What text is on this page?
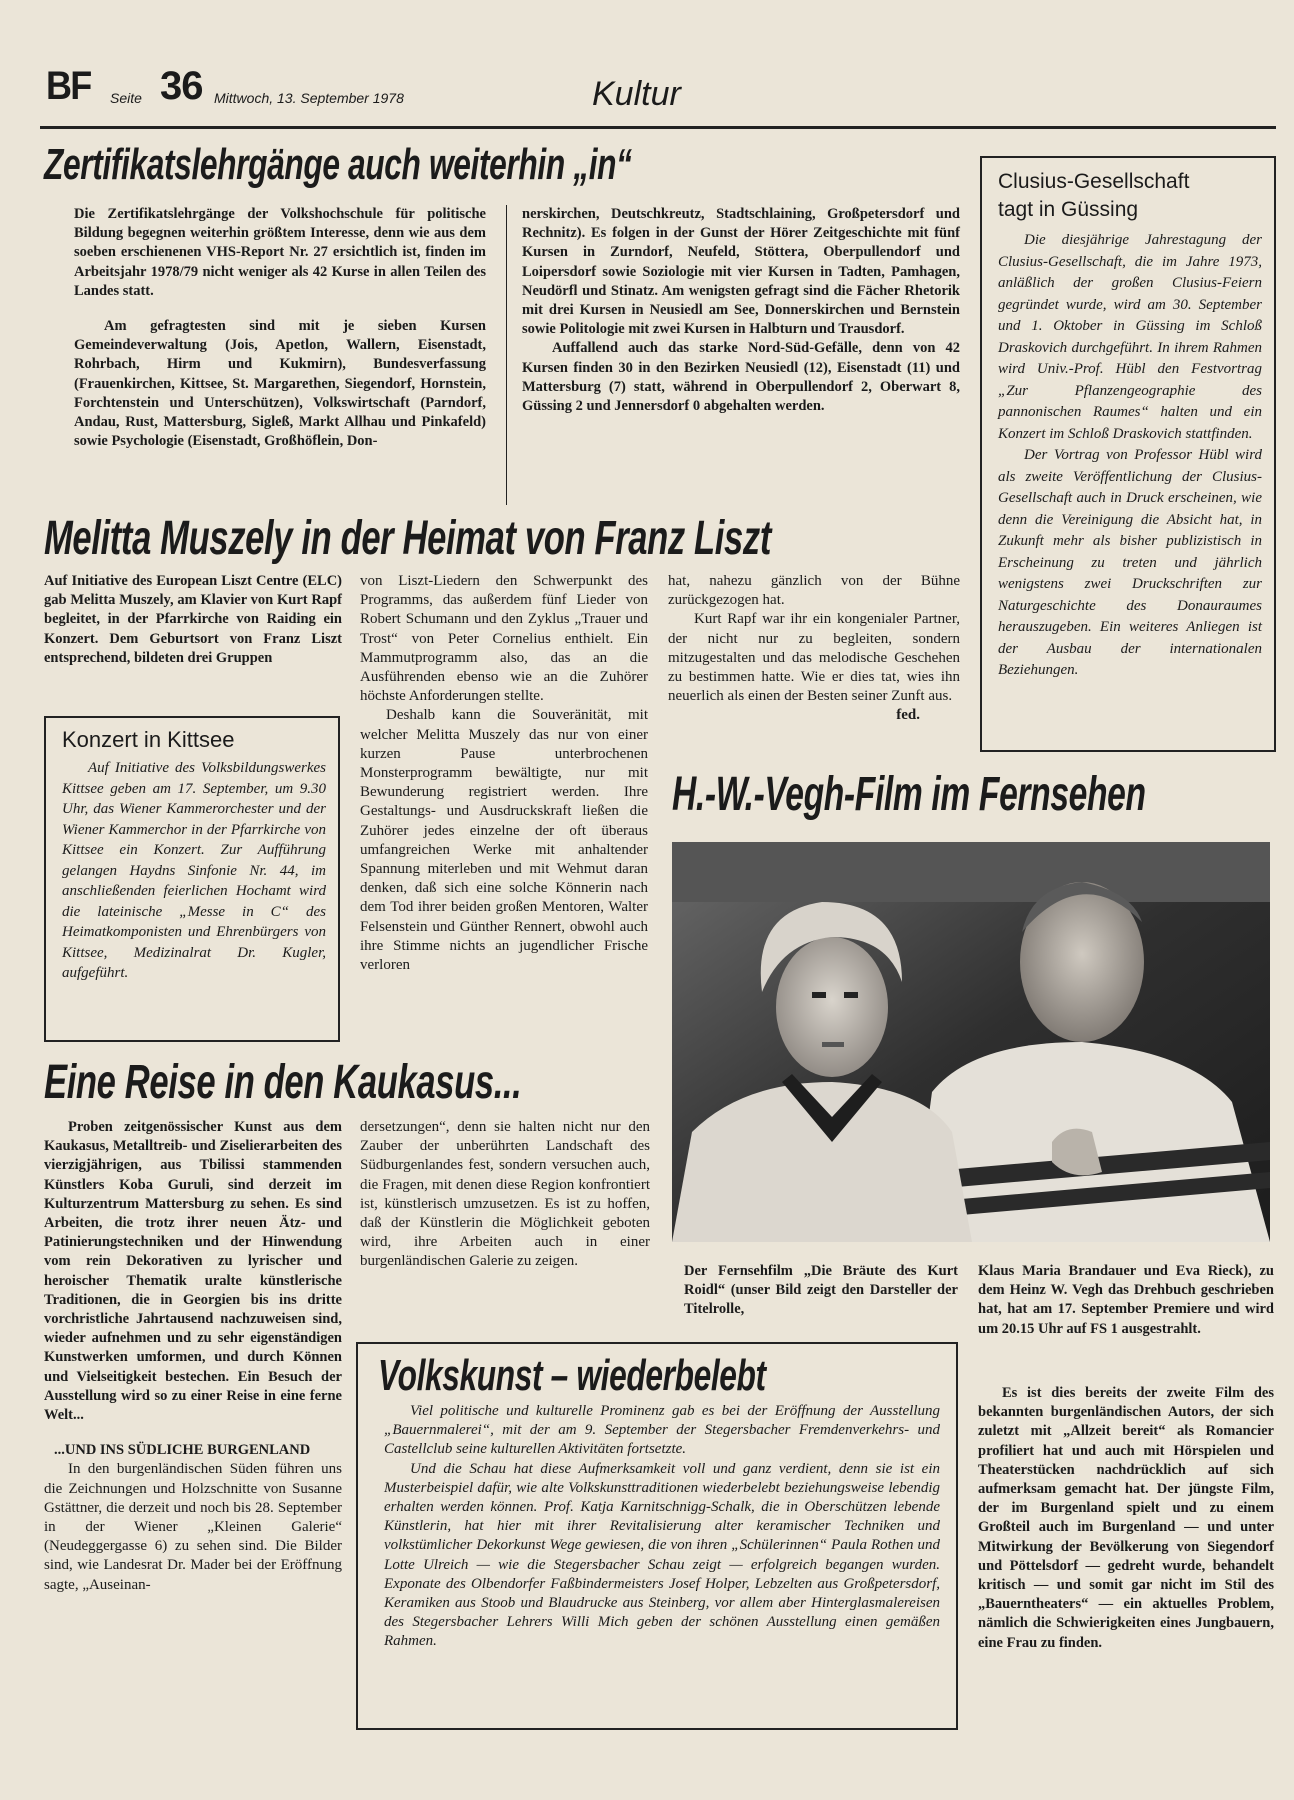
BF Seite 36 Mittwoch, 13. September 1978	Kultur
Zertifikatslehrgänge auch weiterhin „in“

Die Zertifikatslehrgänge der Volkshochschule für politische Bildung begegnen weiterhin größtem Interesse, denn wie aus dem soeben erschienenen VHS-Report Nr. 27 ersichtlich ist, finden im Arbeitsjahr 1978/79 nicht weniger als 42 Kurse in allen Teilen des Landes statt.

Am gefragtesten sind mit je sieben Kursen Gemeindeverwaltung (Jois, Apetlon, Wallern, Eisenstadt, Rohrbach, Hirm und Kukmirn), Bundesverfassung (Frauenkirchen, Kittsee, St. Margarethen, Siegendorf, Hornstein, Forchtenstein und Unterschützen), Volkswirtschaft (Parndorf, Andau, Rust, Mattersburg, Sigleß, Markt Allhau und Pinkafeld) sowie Psychologie (Eisenstadt, Großhöflein, Don-

nerskirchen, Deutschkreutz, Stadtschlaining, Großpetersdorf und Rechnitz). Es folgen in der Gunst der Hörer Zeitgeschichte mit fünf Kursen in Zurndorf, Neufeld, Stöttera, Oberpullendorf und Loipersdorf sowie Soziologie mit vier Kursen in Tadten, Pamhagen, Neudörfl und Stinatz. Am wenigsten gefragt sind die Fächer Rhetorik mit drei Kursen in Neusiedl am See, Donnerskirchen und Bernstein sowie Politologie mit zwei Kursen in Halbturn und Trausdorf.

Auffallend auch das starke Nord-Süd-Gefälle, denn von 42 Kursen finden 30 in den Bezirken Neusiedl (12), Eisenstadt (11) und Mattersburg (7) statt, während in Oberpullendorf 2, Oberwart 8, Güssing 2 und Jennersdorf 0 abgehalten werden.

Clusius-Gesellschaft
tagt in Güssing

Die diesjährige Jahrestagung der Clusius-Gesellschaft, die im Jahre 1973, anläßlich der großen Clusius-Feiern gegründet wurde, wird am 30. September und 1. Oktober in Güssing im Schloß Draskovich durchgeführt. In ihrem Rahmen wird Univ.-Prof. Hübl den Festvortrag „Zur Pflanzengeographie des pannonischen Raumes“ halten und ein Konzert im Schloß Draskovich stattfinden.

Der Vortrag von Professor Hübl wird als zweite Veröffentlichung der Clusius-Gesellschaft auch in Druck erscheinen, wie denn die Vereinigung die Absicht hat, in Zukunft mehr als bisher publizistisch in Erscheinung zu treten und jährlich wenigstens zwei Druckschriften zur Naturgeschichte des Donauraumes herauszugeben. Ein weiteres Anliegen ist der Ausbau der internationalen Beziehungen.

Melitta Muszely in der Heimat von Franz Liszt

Auf Initiative des European Liszt Centre (ELC) gab Melitta Muszely, am Klavier von Kurt Rapf begleitet, in der Pfarrkirche von Raiding ein Konzert. Dem Geburtsort von Franz Liszt entsprechend, bildeten drei Gruppen

von Liszt-Liedern den Schwerpunkt des Programms, das außerdem fünf Lieder von Robert Schumann und den Zyklus „Trauer und Trost“ von Peter Cornelius enthielt. Ein Mammutprogramm also, das an die Ausführenden ebenso wie an die Zuhörer höchste Anforderungen stellte.

Deshalb kann die Souveränität, mit welcher Melitta Muszely das nur von einer kurzen Pause unterbrochenen Monsterprogramm bewältigte, nur mit Bewunderung registriert werden. Ihre Gestaltungs- und Ausdruckskraft ließen die Zuhörer jedes einzelne der oft überaus umfangreichen Werke mit anhaltender Spannung miterleben und mit Wehmut daran denken, daß sich eine solche Könnerin nach dem Tod ihrer beiden großen Mentoren, Walter Felsenstein und Günther Rennert, obwohl auch ihre Stimme nichts an jugendlicher Frische verloren

hat, nahezu gänzlich von der Bühne zurückgezogen hat.

Kurt Rapf war ihr ein kongenialer Partner, der nicht nur zu begleiten, sondern mitzugestalten und das melodische Geschehen zu bestimmen hatte. Wie er dies tat, wies ihn neuerlich als einen der Besten seiner Zunft aus.

fed.

Konzert in Kittsee

Auf Initiative des Volksbildungswerkes Kittsee geben am 17. September, um 9.30 Uhr, das Wiener Kammerorchester und der Wiener Kammerchor in der Pfarrkirche von Kittsee ein Konzert. Zur Aufführung gelangen Haydns Sinfonie Nr. 44, im anschließenden feierlichen Hochamt wird die lateinische „Messe in C“ des Heimatkomponisten und Ehrenbürgers von Kittsee, Medizinalrat Dr. Kugler, aufgeführt.

H.-W.-Vegh-Film im Fernsehen

Der Fernsehfilm „Die Bräute des Kurt Roidl“ (unser Bild zeigt den Darsteller der Titelrolle,

Klaus Maria Brandauer und Eva Rieck), zu dem Heinz W. Vegh das Drehbuch geschrieben hat, hat am 17. September Premiere und wird um 20.15 Uhr auf FS 1 ausgestrahlt.

Es ist dies bereits der zweite Film des bekannten burgenländischen Autors, der sich zuletzt mit „Allzeit bereit“ als Romancier profiliert hat und auch mit Hörspielen und Theaterstücken nachdrücklich auf sich aufmerksam gemacht hat. Der jüngste Film, der im Burgenland spielt und zu einem Großteil auch im Burgenland — und unter Mitwirkung der Bevölkerung von Siegendorf und Pöttelsdorf — gedreht wurde, behandelt kritisch — und somit gar nicht im Stil des „Bauerntheaters“ — ein aktuelles Problem, nämlich die Schwierigkeiten eines Jungbauern, eine Frau zu finden.

Eine Reise in den Kaukasus...

Proben zeitgenössischer Kunst aus dem Kaukasus, Metalltreib- und Ziselierarbeiten des vierzigjährigen, aus Tbilissi stammenden Künstlers Koba Guruli, sind derzeit im Kulturzentrum Mattersburg zu sehen. Es sind Arbeiten, die trotz ihrer neuen Ätz- und Patinierungstechniken und der Hinwendung vom rein Dekorativen zu lyrischer und heroischer Thematik uralte künstlerische Traditionen, die in Georgien bis ins dritte vorchristliche Jahrtausend nachzuweisen sind, wieder aufnehmen und zu sehr eigenständigen Kunstwerken umformen, und durch Können und Vielseitigkeit bestechen. Ein Besuch der Ausstellung wird so zu einer Reise in eine ferne Welt...

...UND INS SÜDLICHE BURGENLAND

In den burgenländischen Süden führen uns die Zeichnungen und Holzschnitte von Susanne Gstättner, die derzeit und noch bis 28. September in der Wiener „Kleinen Galerie“ (Neudeggergasse 6) zu sehen sind. Die Bilder sind, wie Landesrat Dr. Mader bei der Eröffnung sagte, „Auseinan-

dersetzungen“, denn sie halten nicht nur den Zauber der unberührten Landschaft des Südburgenlandes fest, sondern versuchen auch, die Fragen, mit denen diese Region konfrontiert ist, künstlerisch umzusetzen. Es ist zu hoffen, daß der Künstlerin die Möglichkeit geboten wird, ihre Arbeiten auch in einer burgenländischen Galerie zu zeigen.

Volkskunst – wiederbelebt

Viel politische und kulturelle Prominenz gab es bei der Eröffnung der Ausstellung „Bauernmalerei“, mit der am 9. September der Stegersbacher Fremdenverkehrs- und Castellclub seine kulturellen Aktivitäten fortsetzte.

Und die Schau hat diese Aufmerksamkeit voll und ganz verdient, denn sie ist ein Musterbeispiel dafür, wie alte Volkskunsttraditionen wiederbelebt beziehungsweise lebendig erhalten werden können. Prof. Katja Karnitschnigg-Schalk, die in Oberschützen lebende Künstlerin, hat hier mit ihrer Revitalisierung alter keramischer Techniken und volkstümlicher Dekorkunst Wege gewiesen, die von ihren „Schülerinnen“ Paula Rothen und Lotte Ulreich — wie die Stegersbacher Schau zeigt — erfolgreich begangen wurden. Exponate des Olbendorfer Faßbindermeisters Josef Holper, Lebzelten aus Großpetersdorf, Keramiken aus Stoob und Blaudrucke aus Steinberg, vor allem aber Hinterglasmalereisen des Stegersbacher Lehrers Willi Mich geben der schönen Ausstellung einen gemäßen Rahmen.
